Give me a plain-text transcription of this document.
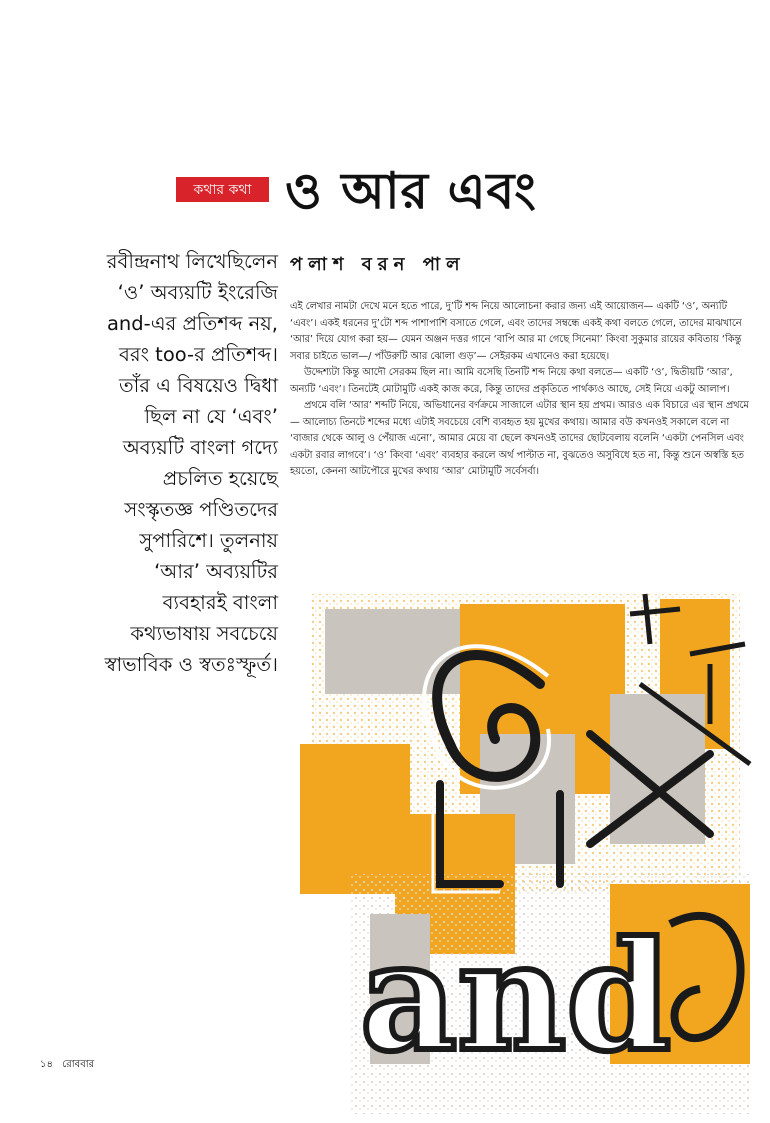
কথার কথা ও আর এবং
পলাশ বরন পাল
রবীন্দ্রনাথ লিখেছিলেন
‘ও’ অব্যয়টি ইংরেজি
and-এর প্রতিশব্দ নয়,
বরং too-র প্রতিশব্দ।
তাঁর এ বিষয়েও দ্বিধা
ছিল না যে ‘এবং’
অব্যয়টি বাংলা গদ্যে
প্রচলিত হয়েছে
সংস্কৃতজ্ঞ পণ্ডিতদের
সুপারিশে। তুলনায়
‘আর’ অব্যয়টির
ব্যবহারই বাংলা
কথ্যভাষায় সবচেয়ে
স্বাভাবিক ও স্বতঃস্ফূর্ত।

এই লেখার নামটা দেখে মনে হতে পারে, দু’টি শব্দ নিয়ে আলোচনা করার জন্য এই আয়োজন— একটি ‘ও’, অন্যটি ‘এবং’। একই ধরনের দু’টো শব্দ পাশাপাশি বসাতে গেলে, এবং তাদের সম্বন্ধে একই কথা বলতে গেলে, তাদের মাঝখানে ‘আর’ দিয়ে যোগ করা হয়— যেমন অঞ্জন দত্তর গানে ‘বাপি আর মা গেছে সিনেমা’ কিংবা সুকুমার রায়ের কবিতায় ‘কিন্তু সবার চাইতে ভাল—/ পাঁউরুটি আর ঝোলা গুড়’— সেইরকম এখানেও করা হয়েছে।

উদ্দেশ্যটা কিন্তু আদৌ সেরকম ছিল না। আমি বসেছি তিনটি শব্দ নিয়ে কথা বলতে— একটি ‘ও’, দ্বিতীয়টি ‘আর’, অন্যটি ‘এবং’। তিনটেই মোটামুটি একই কাজ করে, কিন্তু তাদের প্রকৃতিতে পার্থক্যও আছে, সেই নিয়ে একটু আলাপ।

প্রথমে বলি ‘আর’ শব্দটি নিয়ে, অভিধানের বর্ণক্রমে সাজালে এটার স্থান হয় প্রথম। আরও এক বিচারে এর স্থান প্রথমে— আলোচ্য তিনটে শব্দের মধ্যে এটাই সবচেয়ে বেশি ব্যবহৃত হয় মুখের কথায়। আমার বউ কখনওই সকালে বলে না ‘বাজার থেকে আলু ও পেঁয়াজ এনো’, আমার মেয়ে বা ছেলে কখনওই তাদের ছোটবেলায় বলেনি ‘একটা পেনসিল এবং একটা রবার লাগবে’। ‘ও’ কিংবা ‘এবং’ ব্যবহার করলে অর্থ পাল্টাত না, বুঝতেও অসুবিধে হত না, কিন্তু শুনে অস্বস্তি হত হয়তো, কেননা আটপৌরে মুখের কথায় ‘আর’ মোটামুটি সর্বেসর্বা।

and
১৪ রোববার
